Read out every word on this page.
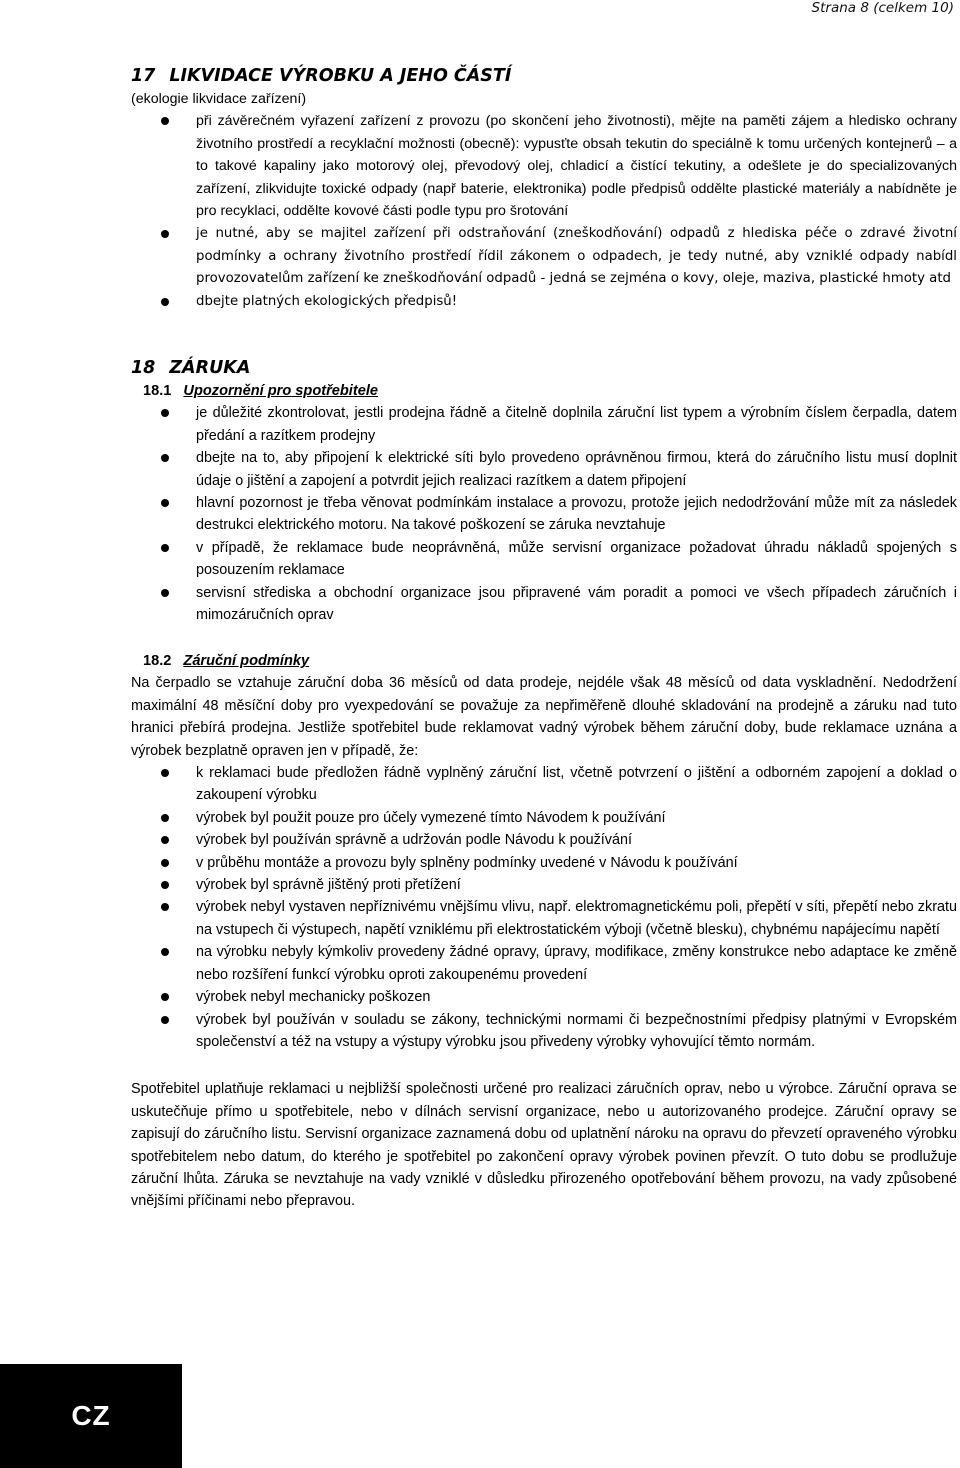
Strana 8 (celkem 10)
17 LIKVIDACE VÝROBKU A JEHO ČÁSTÍ

(ekologie likvidace zařízení)

při závěrečném vyřazení zařízení z provozu (po skončení jeho životnosti), mějte na paměti zájem a hledisko ochrany životního prostředí a recyklační možnosti (obecně): vypusťte obsah tekutin do speciálně k tomu určených kontejnerů – a to takové kapaliny jako motorový olej, převodový olej, chladicí a čistící tekutiny, a odešlete je do specializovaných zařízení, zlikvidujte toxické odpady (např baterie, elektronika) podle předpisů oddělte plastické materiály a nabídněte je pro recyklaci, oddělte kovové části podle typu pro šrotování
je nutné, aby se majitel zařízení při odstraňování (zneškodňování) odpadů z hlediska péče o zdravé životní podmínky a ochrany životního prostředí řídil zákonem o odpadech, je tedy nutné, aby vzniklé odpady nabídl provozovatelům zařízení ke zneškodňování odpadů - jedná se zejména o kovy, oleje, maziva, plastické hmoty atd
dbejte platných ekologických předpisů!
18 ZÁRUKA
18.1 Upozornění pro spotřebitele
je důležité zkontrolovat, jestli prodejna řádně a čitelně doplnila záruční list typem a výrobním číslem čerpadla, datem předání a razítkem prodejny
dbejte na to, aby připojení k elektrické síti bylo provedeno oprávněnou firmou, která do záručního listu musí doplnit údaje o jištění a zapojení a potvrdit jejich realizaci razítkem a datem připojení
hlavní pozornost je třeba věnovat podmínkám instalace a provozu, protože jejich nedodržování může mít za následek destrukci elektrického motoru. Na takové poškození se záruka nevztahuje
v případě, že reklamace bude neoprávněná, může servisní organizace požadovat úhradu nákladů spojených s posouzením reklamace
servisní střediska a obchodní organizace jsou připravené vám poradit a pomoci ve všech případech záručních i mimozáručních oprav
18.2 Záruční podmínky

Na čerpadlo se vztahuje záruční doba 36 měsíců od data prodeje, nejdéle však 48 měsíců od data vyskladnění. Nedodržení maximální 48 měsíční doby pro vyexpedování se považuje za nepřiměřeně dlouhé skladování na prodejně a záruku nad tuto hranici přebírá prodejna. Jestliže spotřebitel bude reklamovat vadný výrobek během záruční doby, bude reklamace uznána a výrobek bezplatně opraven jen v případě, že:

k reklamaci bude předložen řádně vyplněný záruční list, včetně potvrzení o jištění a odborném zapojení a doklad o zakoupení výrobku
výrobek byl použit pouze pro účely vymezené tímto Návodem k používání
výrobek byl používán správně a udržován podle Návodu k používání
v průběhu montáže a provozu byly splněny podmínky uvedené v Návodu k používání
výrobek byl správně jištěný proti přetížení
výrobek nebyl vystaven nepříznivému vnějšímu vlivu, např. elektromagnetickému poli, přepětí v síti, přepětí nebo zkratu na vstupech či výstupech, napětí vzniklému při elektrostatickém výboji (včetně blesku), chybnému napájecímu napětí
na výrobku nebyly kýmkoliv provedeny žádné opravy, úpravy, modifikace, změny konstrukce nebo adaptace ke změně nebo rozšíření funkcí výrobku oproti zakoupenému provedení
výrobek nebyl mechanicky poškozen
výrobek byl používán v souladu se zákony, technickými normami či bezpečnostními předpisy platnými v Evropském společenství a též na vstupy a výstupy výrobku jsou přivedeny výrobky vyhovující těmto normám.

Spotřebitel uplatňuje reklamaci u nejbližší společnosti určené pro realizaci záručních oprav, nebo u výrobce. Záruční oprava se uskutečňuje přímo u spotřebitele, nebo v dílnách servisní organizace, nebo u autorizovaného prodejce. Záruční opravy se zapisují do záručního listu. Servisní organizace zaznamená dobu od uplatnění nároku na opravu do převzetí opraveného výrobku spotřebitelem nebo datum, do kterého je spotřebitel po zakončení opravy výrobek povinen převzít. O tuto dobu se prodlužuje záruční lhůta. Záruka se nevztahuje na vady vzniklé v důsledku přirozeného opotřebování během provozu, na vady způsobené vnějšími příčinami nebo přepravou.

CZ
